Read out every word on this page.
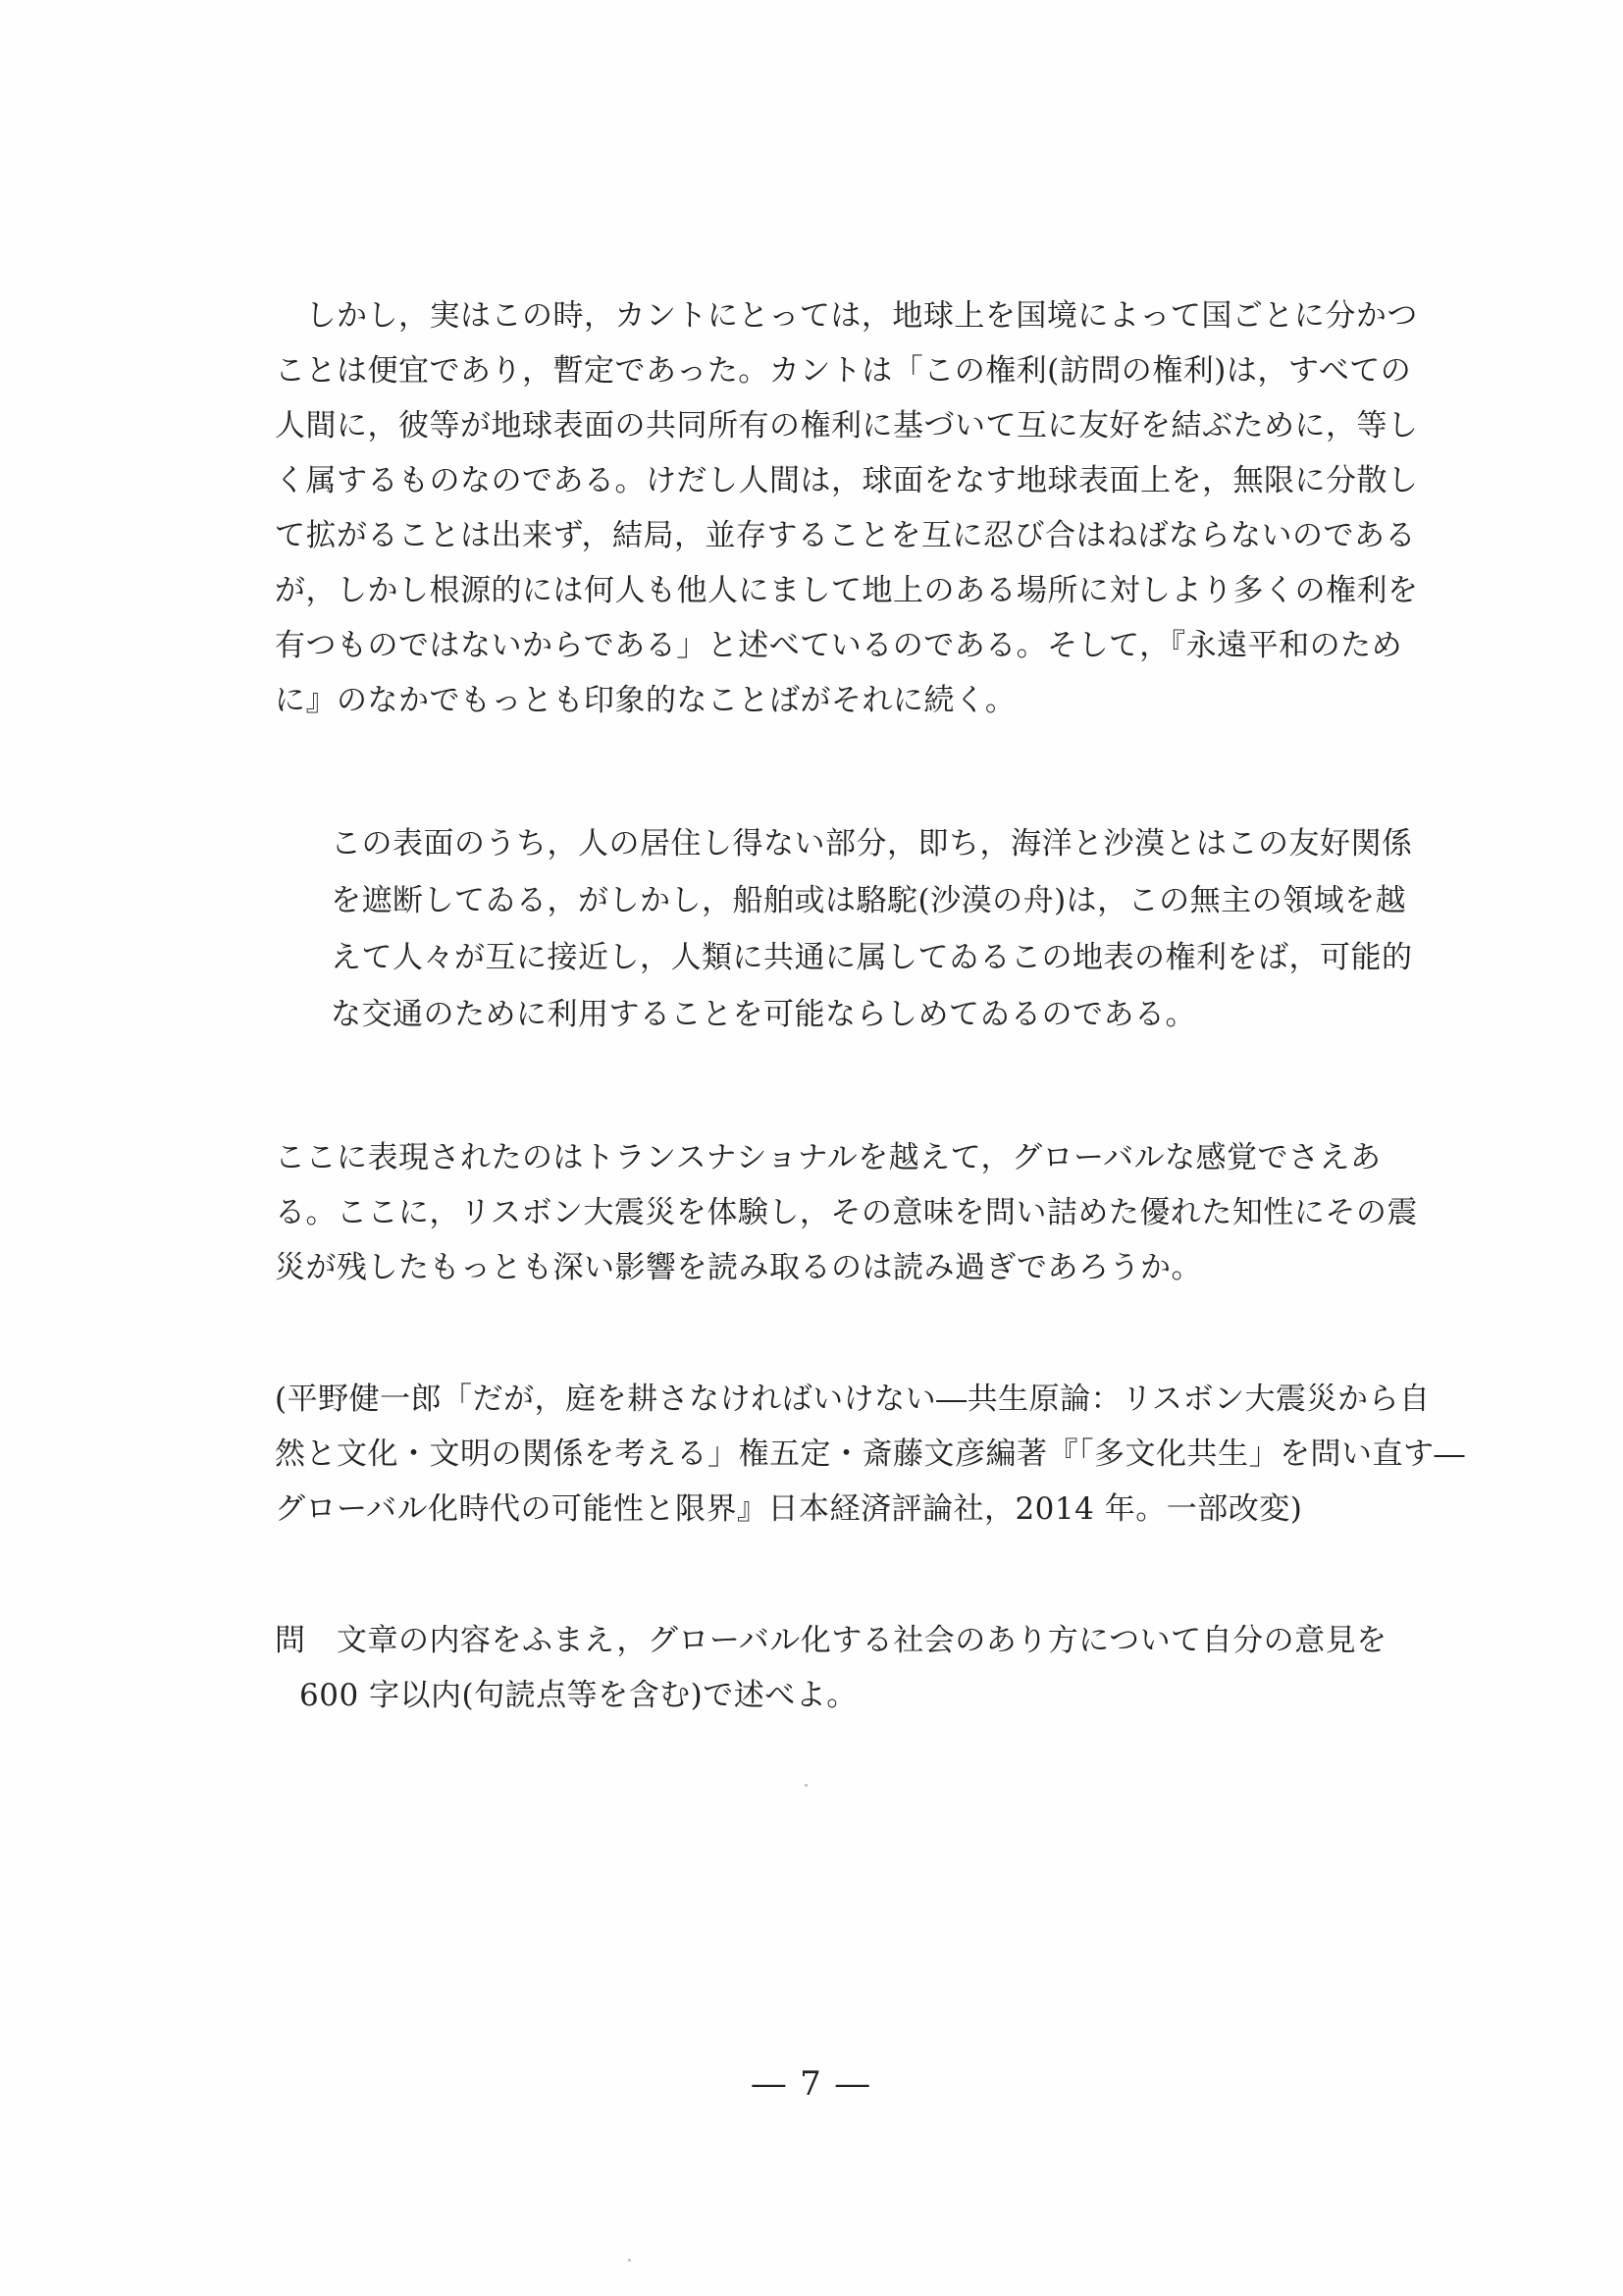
　しかし，実はこの時，カントにとっては，地球上を国境によって国ごとに分かつ
ことは便宜であり，暫定であった。カントは「この権利(訪問の権利)は，すべての
人間に，彼等が地球表面の共同所有の権利に基づいて互に友好を結ぶために，等し
く属するものなのである。けだし人間は，球面をなす地球表面上を，無限に分散し
て拡がることは出来ず，結局，並存することを互に忍び合はねばならないのである
が，しかし根源的には何人も他人にまして地上のある場所に対しより多くの権利を
有つものではないからである」と述べているのである。そして，『永遠平和のため
に』のなかでもっとも印象的なことばがそれに続く。
この表面のうち，人の居住し得ない部分，即ち，海洋と沙漠とはこの友好関係
を遮断してゐる，がしかし，船舶或は駱駝(沙漠の舟)は，この無主の領域を越
えて人々が互に接近し，人類に共通に属してゐるこの地表の権利をば，可能的
な交通のために利用することを可能ならしめてゐるのである。
ここに表現されたのはトランスナショナルを越えて，グローバルな感覚でさえあ
る。ここに，リスボン大震災を体験し，その意味を問い詰めた優れた知性にその震
災が残したもっとも深い影響を読み取るのは読み過ぎであろうか。
(平野健一郎「だが，庭を耕さなければいけない―共生原論：リスボン大震災から自
然と文化・文明の関係を考える」権五定・斎藤文彦編著『「多文化共生」を問い直す―
グローバル化時代の可能性と限界』日本経済評論社，2014 年。一部改変)
問　文章の内容をふまえ，グローバル化する社会のあり方について自分の意見を
600 字以内(句読点等を含む)で述べよ。
― 7 ―
